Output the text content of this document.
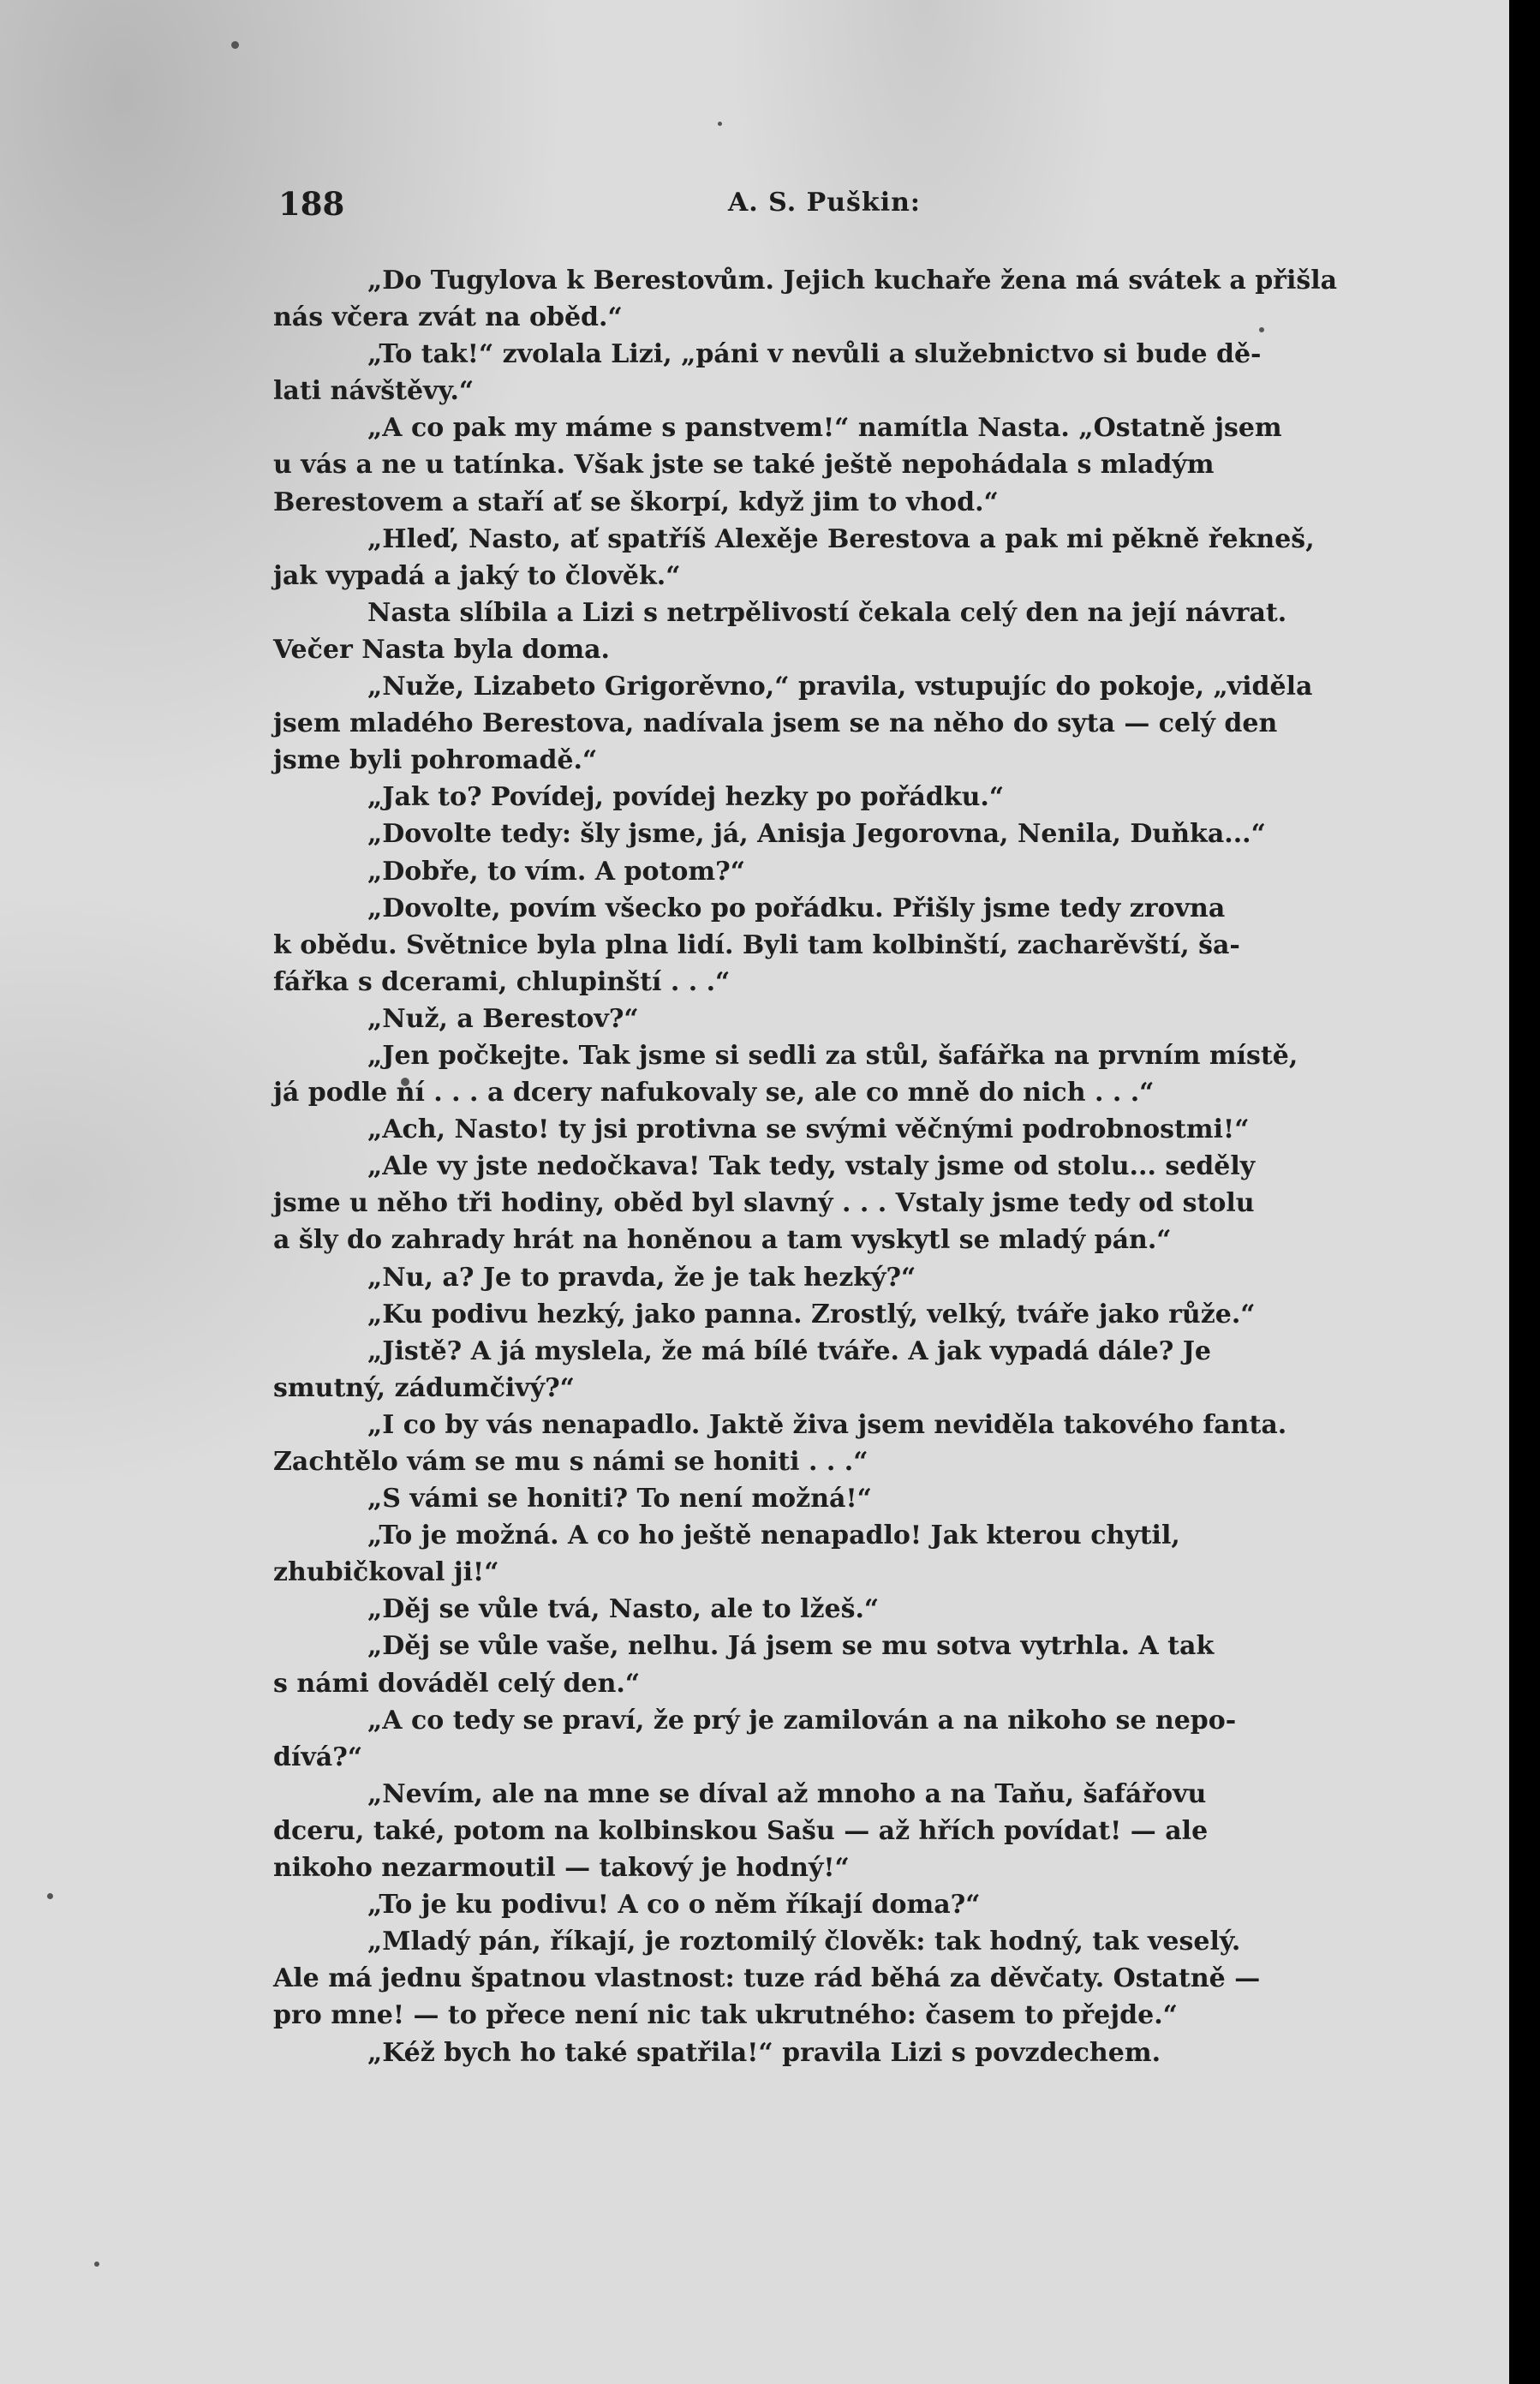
188	A. S. Puškin:

„Do Tugylova k Berestovům. Jejich kuchaře žena má svátek a přišla
nás včera zvát na oběd.“

„To tak!“ zvolala Lizi, „páni v nevůli a služebnictvo si bude dě-
lati návštěvy.“

„A co pak my máme s panstvem!“ namítla Nasta. „Ostatně jsem
u vás a ne u tatínka. Však jste se také ještě nepohádala s mladým
Berestovem a staří ať se škorpí, když jim to vhod.“

„Hleď, Nasto, ať spatříš Alexěje Berestova a pak mi pěkně řekneš,
jak vypadá a jaký to člověk.“

Nasta slíbila a Lizi s netrpělivostí čekala celý den na její návrat.
Večer Nasta byla doma.

„Nuže, Lizabeto Grigorěvno,“ pravila, vstupujíc do pokoje, „viděla
jsem mladého Berestova, nadívala jsem se na něho do syta — celý den
jsme byli pohromadě.“

„Jak to? Povídej, povídej hezky po pořádku.“

„Dovolte tedy: šly jsme, já, Anisja Jegorovna, Nenila, Duňka...“

„Dobře, to vím. A potom?“

„Dovolte, povím všecko po pořádku. Přišly jsme tedy zrovna
k obědu. Světnice byla plna lidí. Byli tam kolbinští, zacharěvští, ša-
fářka s dcerami, chlupinští . . .“

„Nuž, a Berestov?“

„Jen počkejte. Tak jsme si sedli za stůl, šafářka na prvním místě,
já podle ní . . . a dcery nafukovaly se, ale co mně do nich . . .“

„Ach, Nasto! ty jsi protivna se svými věčnými podrobnostmi!“

„Ale vy jste nedočkava! Tak tedy, vstaly jsme od stolu... seděly
jsme u něho tři hodiny, oběd byl slavný . . . Vstaly jsme tedy od stolu
a šly do zahrady hrát na honěnou a tam vyskytl se mladý pán.“

„Nu, a? Je to pravda, že je tak hezký?“

„Ku podivu hezký, jako panna. Zrostlý, velký, tváře jako růže.“

„Jistě? A já myslela, že má bílé tváře. A jak vypadá dále? Je
smutný, zádumčivý?“

„I co by vás nenapadlo. Jaktě živa jsem neviděla takového fanta.
Zachtělo vám se mu s námi se honiti . . .“

„S vámi se honiti? To není možná!“

„To je možná. A co ho ještě nenapadlo! Jak kterou chytil,
zhubičkoval ji!“

„Děj se vůle tvá, Nasto, ale to lžeš.“

„Děj se vůle vaše, nelhu. Já jsem se mu sotva vytrhla. A tak
s námi dováděl celý den.“

„A co tedy se praví, že prý je zamilován a na nikoho se nepo-
dívá?“

„Nevím, ale na mne se díval až mnoho a na Taňu, šafářovu
dceru, také, potom na kolbinskou Sašu — až hřích povídat! — ale
nikoho nezarmoutil — takový je hodný!“

„To je ku podivu! A co o něm říkají doma?“

„Mladý pán, říkají, je roztomilý člověk: tak hodný, tak veselý.
Ale má jednu špatnou vlastnost: tuze rád běhá za děvčaty. Ostatně —
pro mne! — to přece není nic tak ukrutného: časem to přejde.“

„Kéž bych ho také spatřila!“ pravila Lizi s povzdechem.
